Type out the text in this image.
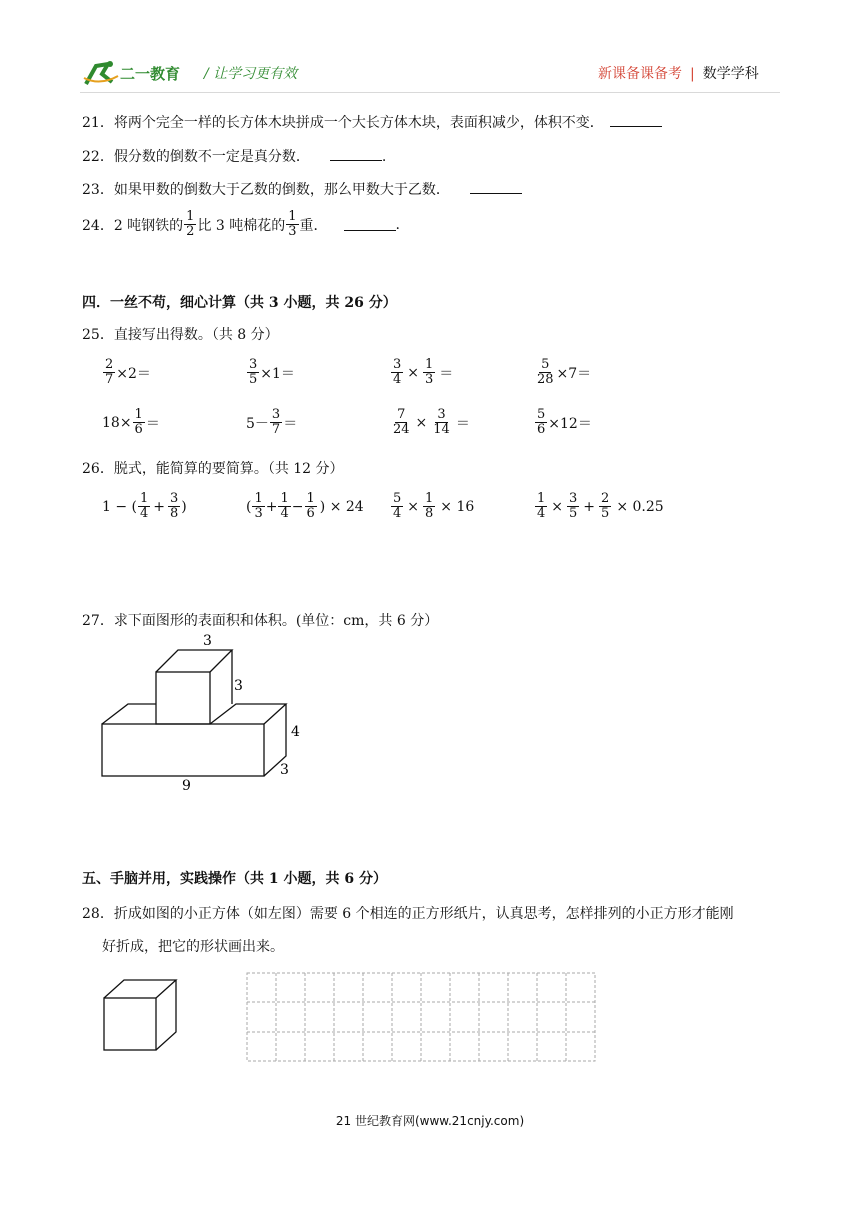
二一教育 / 让学习更有效	新课备课备考 | 数学学科
21．将两个完全一样的长方体木块拼成一个大长方体木块，表面积减少，体积不变．
22．假分数的倒数不一定是真分数．	.
23．如果甲数的倒数大于乙数的倒数，那么甲数大于乙数．
24．2 吨钢铁的 $\frac{1}{2}$ 比 3 吨棉花的 $\frac{1}{3}$ 重．	.
四．一丝不苟，细心计算（共 3 小题，共 26 分）
25．直接写出得数。（共 8 分）
$\frac{2}{7} \times 2=$	$\frac{3}{5} \times 1=$	$\frac{3}{4} \times \frac{1}{3}$ ＝	$\frac{5}{28} \times 7=$
$18\times \frac{1}{6}$ ＝	$5- \frac{3}{7}$ ＝	$\frac{7}{24} \times \frac{3}{14}$ ＝	$\frac{5}{6} \times 12=$
26．脱式，能简算的要简算。（共 12 分）
1 − ( $\frac{1}{4} + \frac{3}{8}$ )	( $\frac{1}{3} + \frac{1}{4} - \frac{1}{6}$ ) × $24 \frac{5}{4} \times \frac{1}{8} \times 16$	$\frac{1}{4} \times \frac{3}{5} + \frac{2}{5} \times 0.25$
27．求下面图形的表面积和体积。(单位：cm，共 6 分）
3
3
4
3
9
五、手脑并用，实践操作（共 1 小题，共 6 分）
28．折成如图的小正方体（如左图）需要 6 个相连的正方形纸片，认真思考，怎样排列的小正方形才能刚
好折成，把它的形状画出来。
21 世纪教育网(www.21cnjy.com)
